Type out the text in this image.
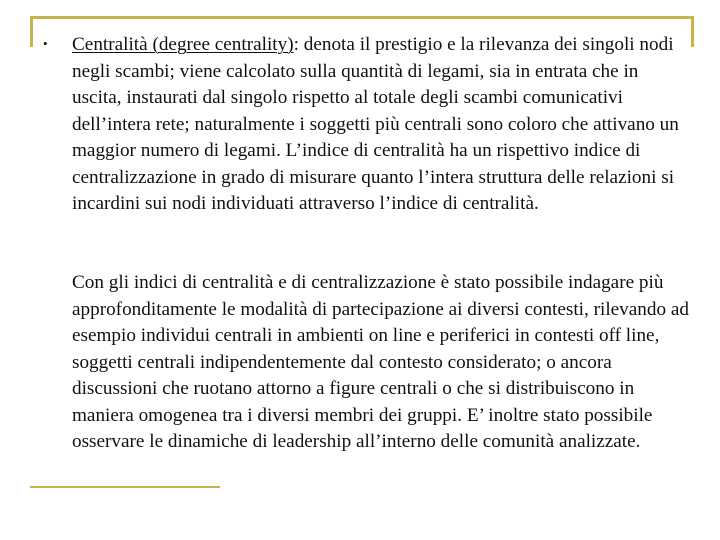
• Centralità (degree centrality): denota il prestigio e la rilevanza dei singoli nodi negli scambi; viene calcolato sulla quantità di legami, sia in entrata che in uscita, instaurati dal singolo rispetto al totale degli scambi comunicativi dell’intera rete; naturalmente i soggetti più centrali sono coloro che attivano un maggior numero di legami. L’indice di centralità ha un rispettivo indice di centralizzazione in grado di misurare quanto l’intera struttura delle relazioni si incardini sui nodi individuati attraverso l’indice di centralità.

Con gli indici di centralità e di centralizzazione è stato possibile indagare più approfonditamente le modalità di partecipazione ai diversi contesti, rilevando ad esempio individui centrali in ambienti on line e periferici in contesti off line, soggetti centrali indipendentemente dal contesto considerato; o ancora discussioni che ruotano attorno a figure centrali o che si distribuiscono in maniera omogenea tra i diversi membri dei gruppi. E’ inoltre stato possibile osservare le dinamiche di leadership all’interno delle comunità analizzate.
